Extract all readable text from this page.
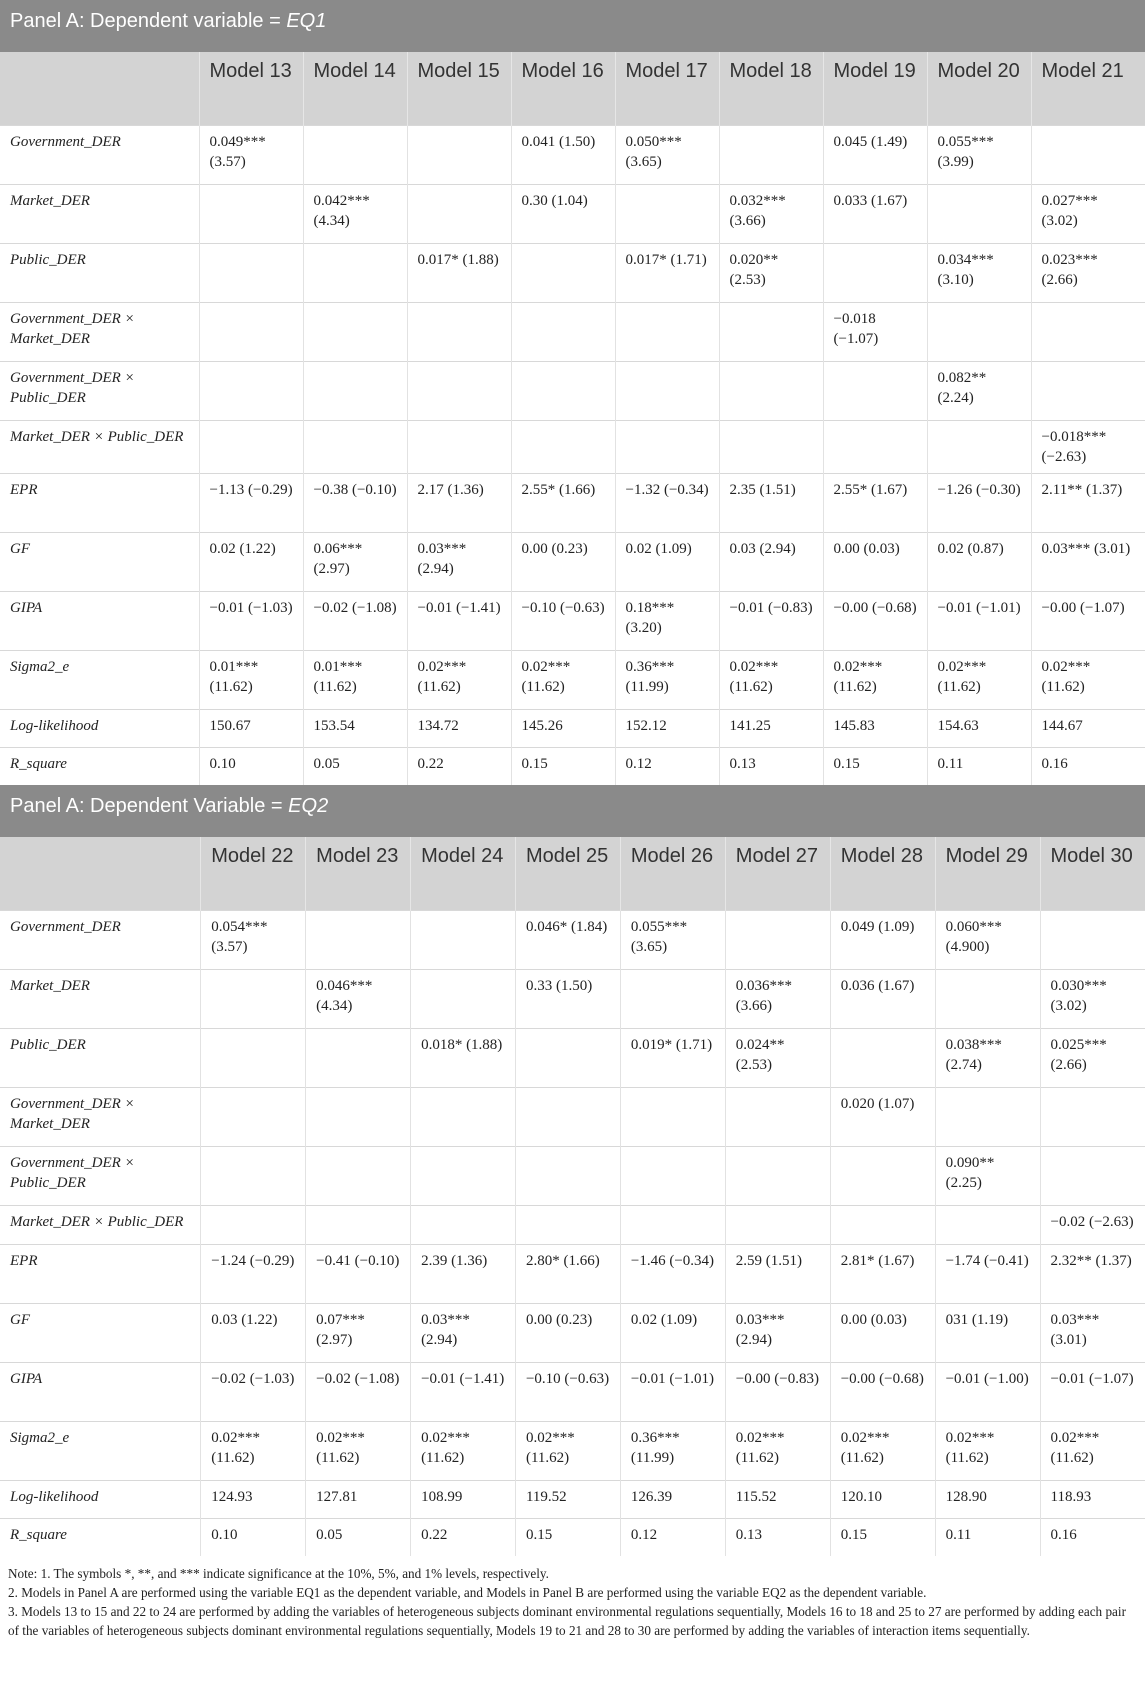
Panel A: Dependent variable = EQ1
	Model 13	Model 14	Model 15	Model 16	Model 17	Model 18	Model 19	Model 20	Model 21
Government_DER	0.049*** (3.57)			0.041 (1.50)	0.050*** (3.65)		0.045 (1.49)	0.055*** (3.99)	
Market_DER		0.042*** (4.34)		0.30 (1.04)		0.032*** (3.66)	0.033 (1.67)		0.027*** (3.02)
Public_DER			0.017* (1.88)		0.017* (1.71)	0.020** (2.53)		0.034*** (3.10)	0.023*** (2.66)
Government_DER × Market_DER							−0.018 (−1.07)		
Government_DER × Public_DER								0.082** (2.24)	
Market_DER × Public_DER									−0.018*** (−2.63)
EPR	−1.13 (−0.29)	−0.38 (−0.10)	2.17 (1.36)	2.55* (1.66)	−1.32 (−0.34)	2.35 (1.51)	2.55* (1.67)	−1.26 (−0.30)	2.11** (1.37)
GF	0.02 (1.22)	0.06*** (2.97)	0.03*** (2.94)	0.00 (0.23)	0.02 (1.09)	0.03 (2.94)	0.00 (0.03)	0.02 (0.87)	0.03*** (3.01)
GIPA	−0.01 (−1.03)	−0.02 (−1.08)	−0.01 (−1.41)	−0.10 (−0.63)	0.18*** (3.20)	−0.01 (−0.83)	−0.00 (−0.68)	−0.01 (−1.01)	−0.00 (−1.07)
Sigma2_e	0.01*** (11.62)	0.01*** (11.62)	0.02*** (11.62)	0.02*** (11.62)	0.36*** (11.99)	0.02*** (11.62)	0.02*** (11.62)	0.02*** (11.62)	0.02*** (11.62)
Log-likelihood	150.67	153.54	134.72	145.26	152.12	141.25	145.83	154.63	144.67
R_square	0.10	0.05	0.22	0.15	0.12	0.13	0.15	0.11	0.16
Panel A: Dependent Variable = EQ2
	Model 22	Model 23	Model 24	Model 25	Model 26	Model 27	Model 28	Model 29	Model 30
Government_DER	0.054*** (3.57)			0.046* (1.84)	0.055*** (3.65)		0.049 (1.09)	0.060*** (4.900)	
Market_DER		0.046*** (4.34)		0.33 (1.50)		0.036*** (3.66)	0.036 (1.67)		0.030*** (3.02)
Public_DER			0.018* (1.88)		0.019* (1.71)	0.024** (2.53)		0.038*** (2.74)	0.025*** (2.66)
Government_DER × Market_DER							0.020 (1.07)		
Government_DER × Public_DER								0.090** (2.25)	
Market_DER × Public_DER									−0.02 (−2.63)
EPR	−1.24 (−0.29)	−0.41 (−0.10)	2.39 (1.36)	2.80* (1.66)	−1.46 (−0.34)	2.59 (1.51)	2.81* (1.67)	−1.74 (−0.41)	2.32** (1.37)
GF	0.03 (1.22)	0.07*** (2.97)	0.03*** (2.94)	0.00 (0.23)	0.02 (1.09)	0.03*** (2.94)	0.00 (0.03)	031 (1.19)	0.03*** (3.01)
GIPA	−0.02 (−1.03)	−0.02 (−1.08)	−0.01 (−1.41)	−0.10 (−0.63)	−0.01 (−1.01)	−0.00 (−0.83)	−0.00 (−0.68)	−0.01 (−1.00)	−0.01 (−1.07)
Sigma2_e	0.02*** (11.62)	0.02*** (11.62)	0.02*** (11.62)	0.02*** (11.62)	0.36*** (11.99)	0.02*** (11.62)	0.02*** (11.62)	0.02*** (11.62)	0.02*** (11.62)
Log-likelihood	124.93	127.81	108.99	119.52	126.39	115.52	120.10	128.90	118.93
R_square	0.10	0.05	0.22	0.15	0.12	0.13	0.15	0.11	0.16

Note: 1. The symbols *, **, and *** indicate significance at the 10%, 5%, and 1% levels, respectively.

2. Models in Panel A are performed using the variable EQ1 as the dependent variable, and Models in Panel B are performed using the variable EQ2 as the dependent variable.

3. Models 13 to 15 and 22 to 24 are performed by adding the variables of heterogeneous subjects dominant environmental regulations sequentially, Models 16 to 18 and 25 to 27 are performed by adding each pair of the variables of heterogeneous subjects dominant environmental regulations sequentially, Models 19 to 21 and 28 to 30 are performed by adding the variables of interaction items sequentially.
